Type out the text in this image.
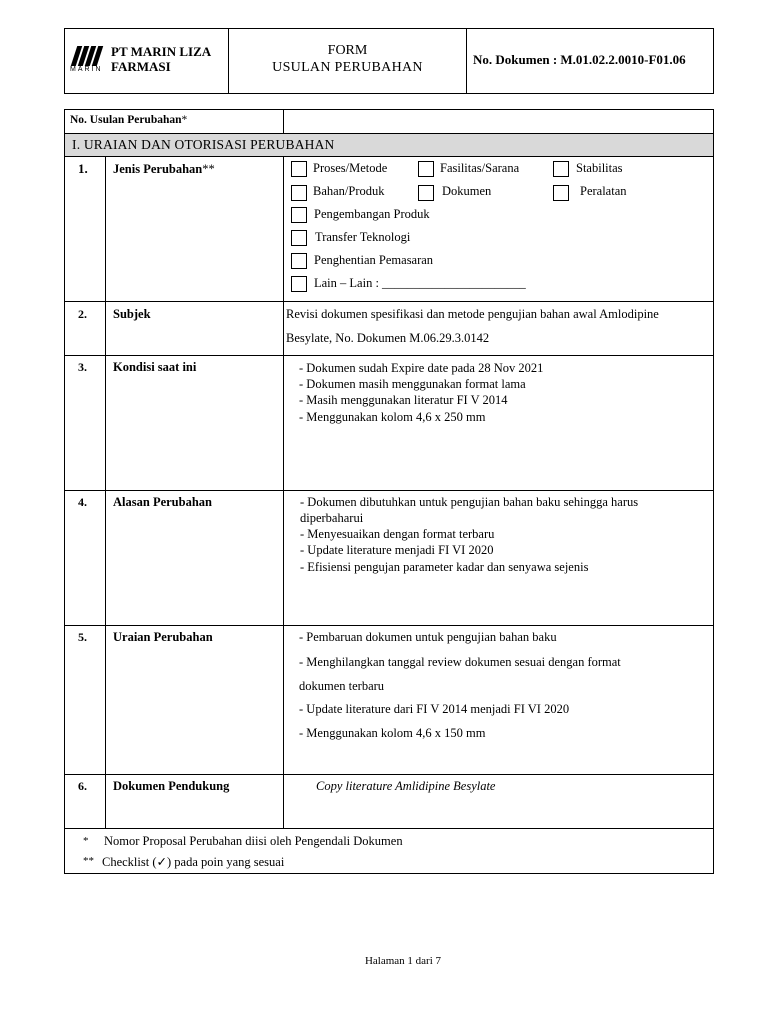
MARIN
PT MARIN LIZA
FARMASI
FORM
USULAN PERUBAHAN
No. Dokumen : M.01.02.2.0010-F01.06
No. Usulan Perubahan*
I. URAIAN DAN OTORISASI PERUBAHAN
1. Jenis Perubahan**	Proses/Metode	Fasilitas/Sarana	Stabilitas
Bahan/Produk	Dokumen	Peralatan
Pengembangan Produk
Transfer Teknologi
Penghentian Pemasaran
Lain – Lain : _______________________
2. Subjek	Revisi dokumen spesifikasi dan metode pengujian bahan awal Amlodipine
Besylate, No. Dokumen M.06.29.3.0142
3. Kondisi saat ini	- Dokumen sudah Expire date pada 28 Nov 2021
- Dokumen masih menggunakan format lama
- Masih menggunakan literatur FI V 2014
- Menggunakan kolom 4,6 x 250 mm
4. Alasan Perubahan	- Dokumen dibutuhkan untuk pengujian bahan baku sehingga harus
diperbaharui
- Menyesuaikan dengan format terbaru
- Update literature menjadi FI VI 2020
- Efisiensi pengujan parameter kadar dan senyawa sejenis
5. Uraian Perubahan	- Pembaruan dokumen untuk pengujian bahan baku
- Menghilangkan tanggal review dokumen sesuai dengan format
dokumen terbaru
- Update literature dari FI V 2014 menjadi FI VI 2020
- Menggunakan kolom 4,6 x 150 mm
6. Dokumen Pendukung	Copy literature Amlidipine Besylate
* Nomor Proposal Perubahan diisi oleh Pengendali Dokumen
** Checklist (✓) pada poin yang sesuai
Halaman 1 dari 7
